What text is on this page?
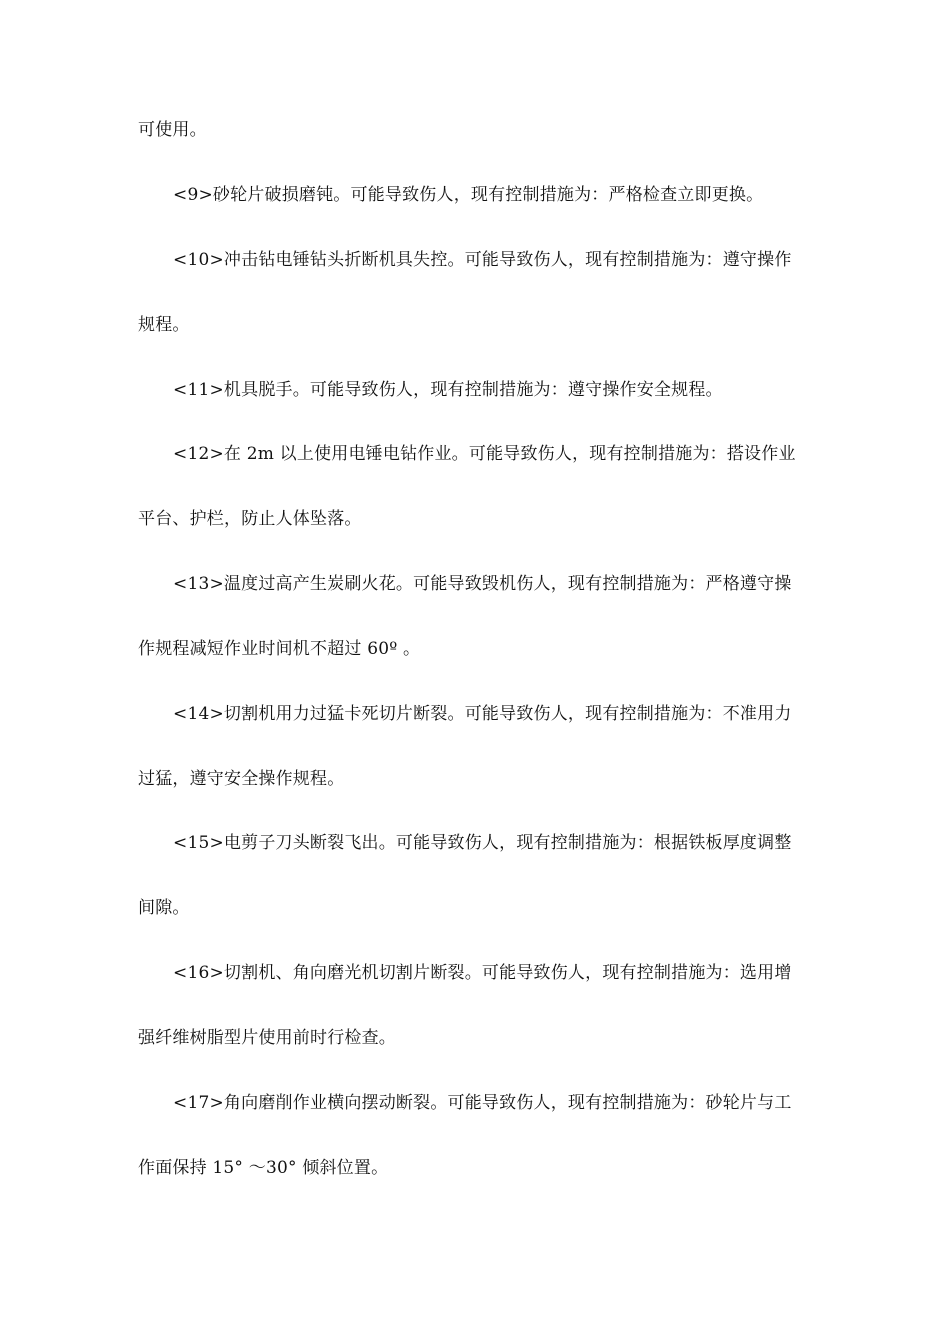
可使用。
<9>砂轮片破损磨钝。可能导致伤人，现有控制措施为：严格检查立即更换。
<10>冲击钻电锤钻头折断机具失控。可能导致伤人，现有控制措施为：遵守操作
规程。
<11>机具脱手。可能导致伤人，现有控制措施为：遵守操作安全规程。
<12>在 2m 以上使用电锤电钻作业。可能导致伤人，现有控制措施为：搭设作业
平台、护栏，防止人体坠落。
<13>温度过高产生炭刷火花。可能导致毁机伤人，现有控制措施为：严格遵守操
作规程减短作业时间机不超过 60º 。
<14>切割机用力过猛卡死切片断裂。可能导致伤人，现有控制措施为：不准用力
过猛，遵守安全操作规程。
<15>电剪子刀头断裂飞出。可能导致伤人，现有控制措施为：根据铁板厚度调整
间隙。
<16>切割机、角向磨光机切割片断裂。可能导致伤人，现有控制措施为：选用增
强纤维树脂型片使用前时行检查。
<17>角向磨削作业横向摆动断裂。可能导致伤人，现有控制措施为：砂轮片与工
作面保持 15° ～30° 倾斜位置。
